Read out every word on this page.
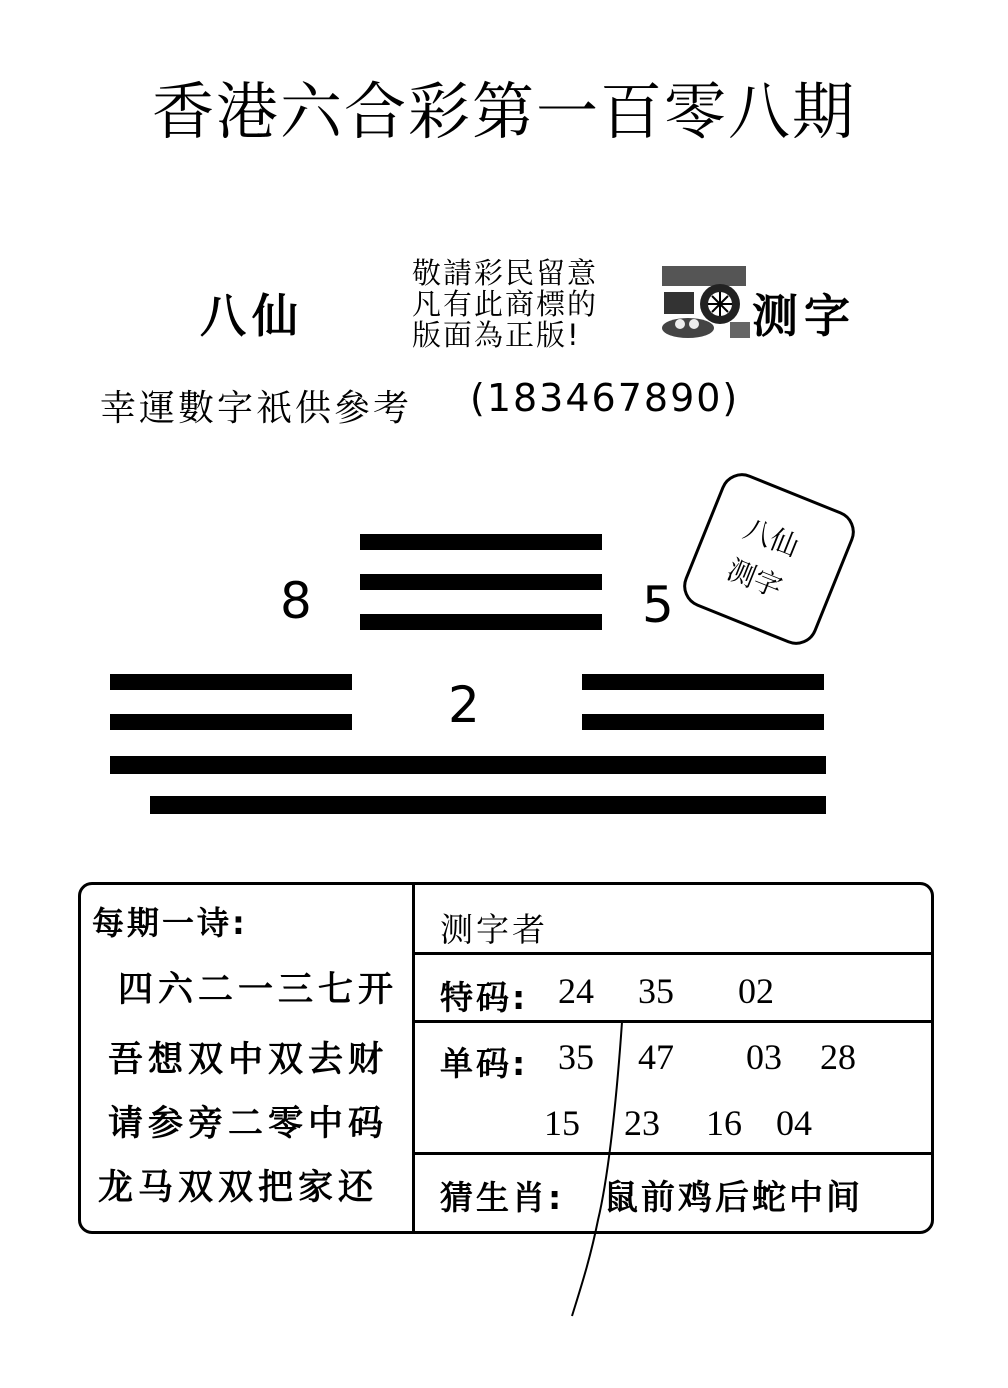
香港六合彩第一百零八期
八仙
敬請彩民留意
凡有此商標的
版面為正版!	测字
幸運數字祇供參考 (183467890)
8	5
2
八仙
测字
每期一诗:
四六二一三七开
吾想双中双去财
请参旁二零中码
龙马双双把家还
测字者
特码: 24 35 02
单码: 35 47 03 28
15 23 16 04
猜生肖: 鼠前鸡后蛇中间
